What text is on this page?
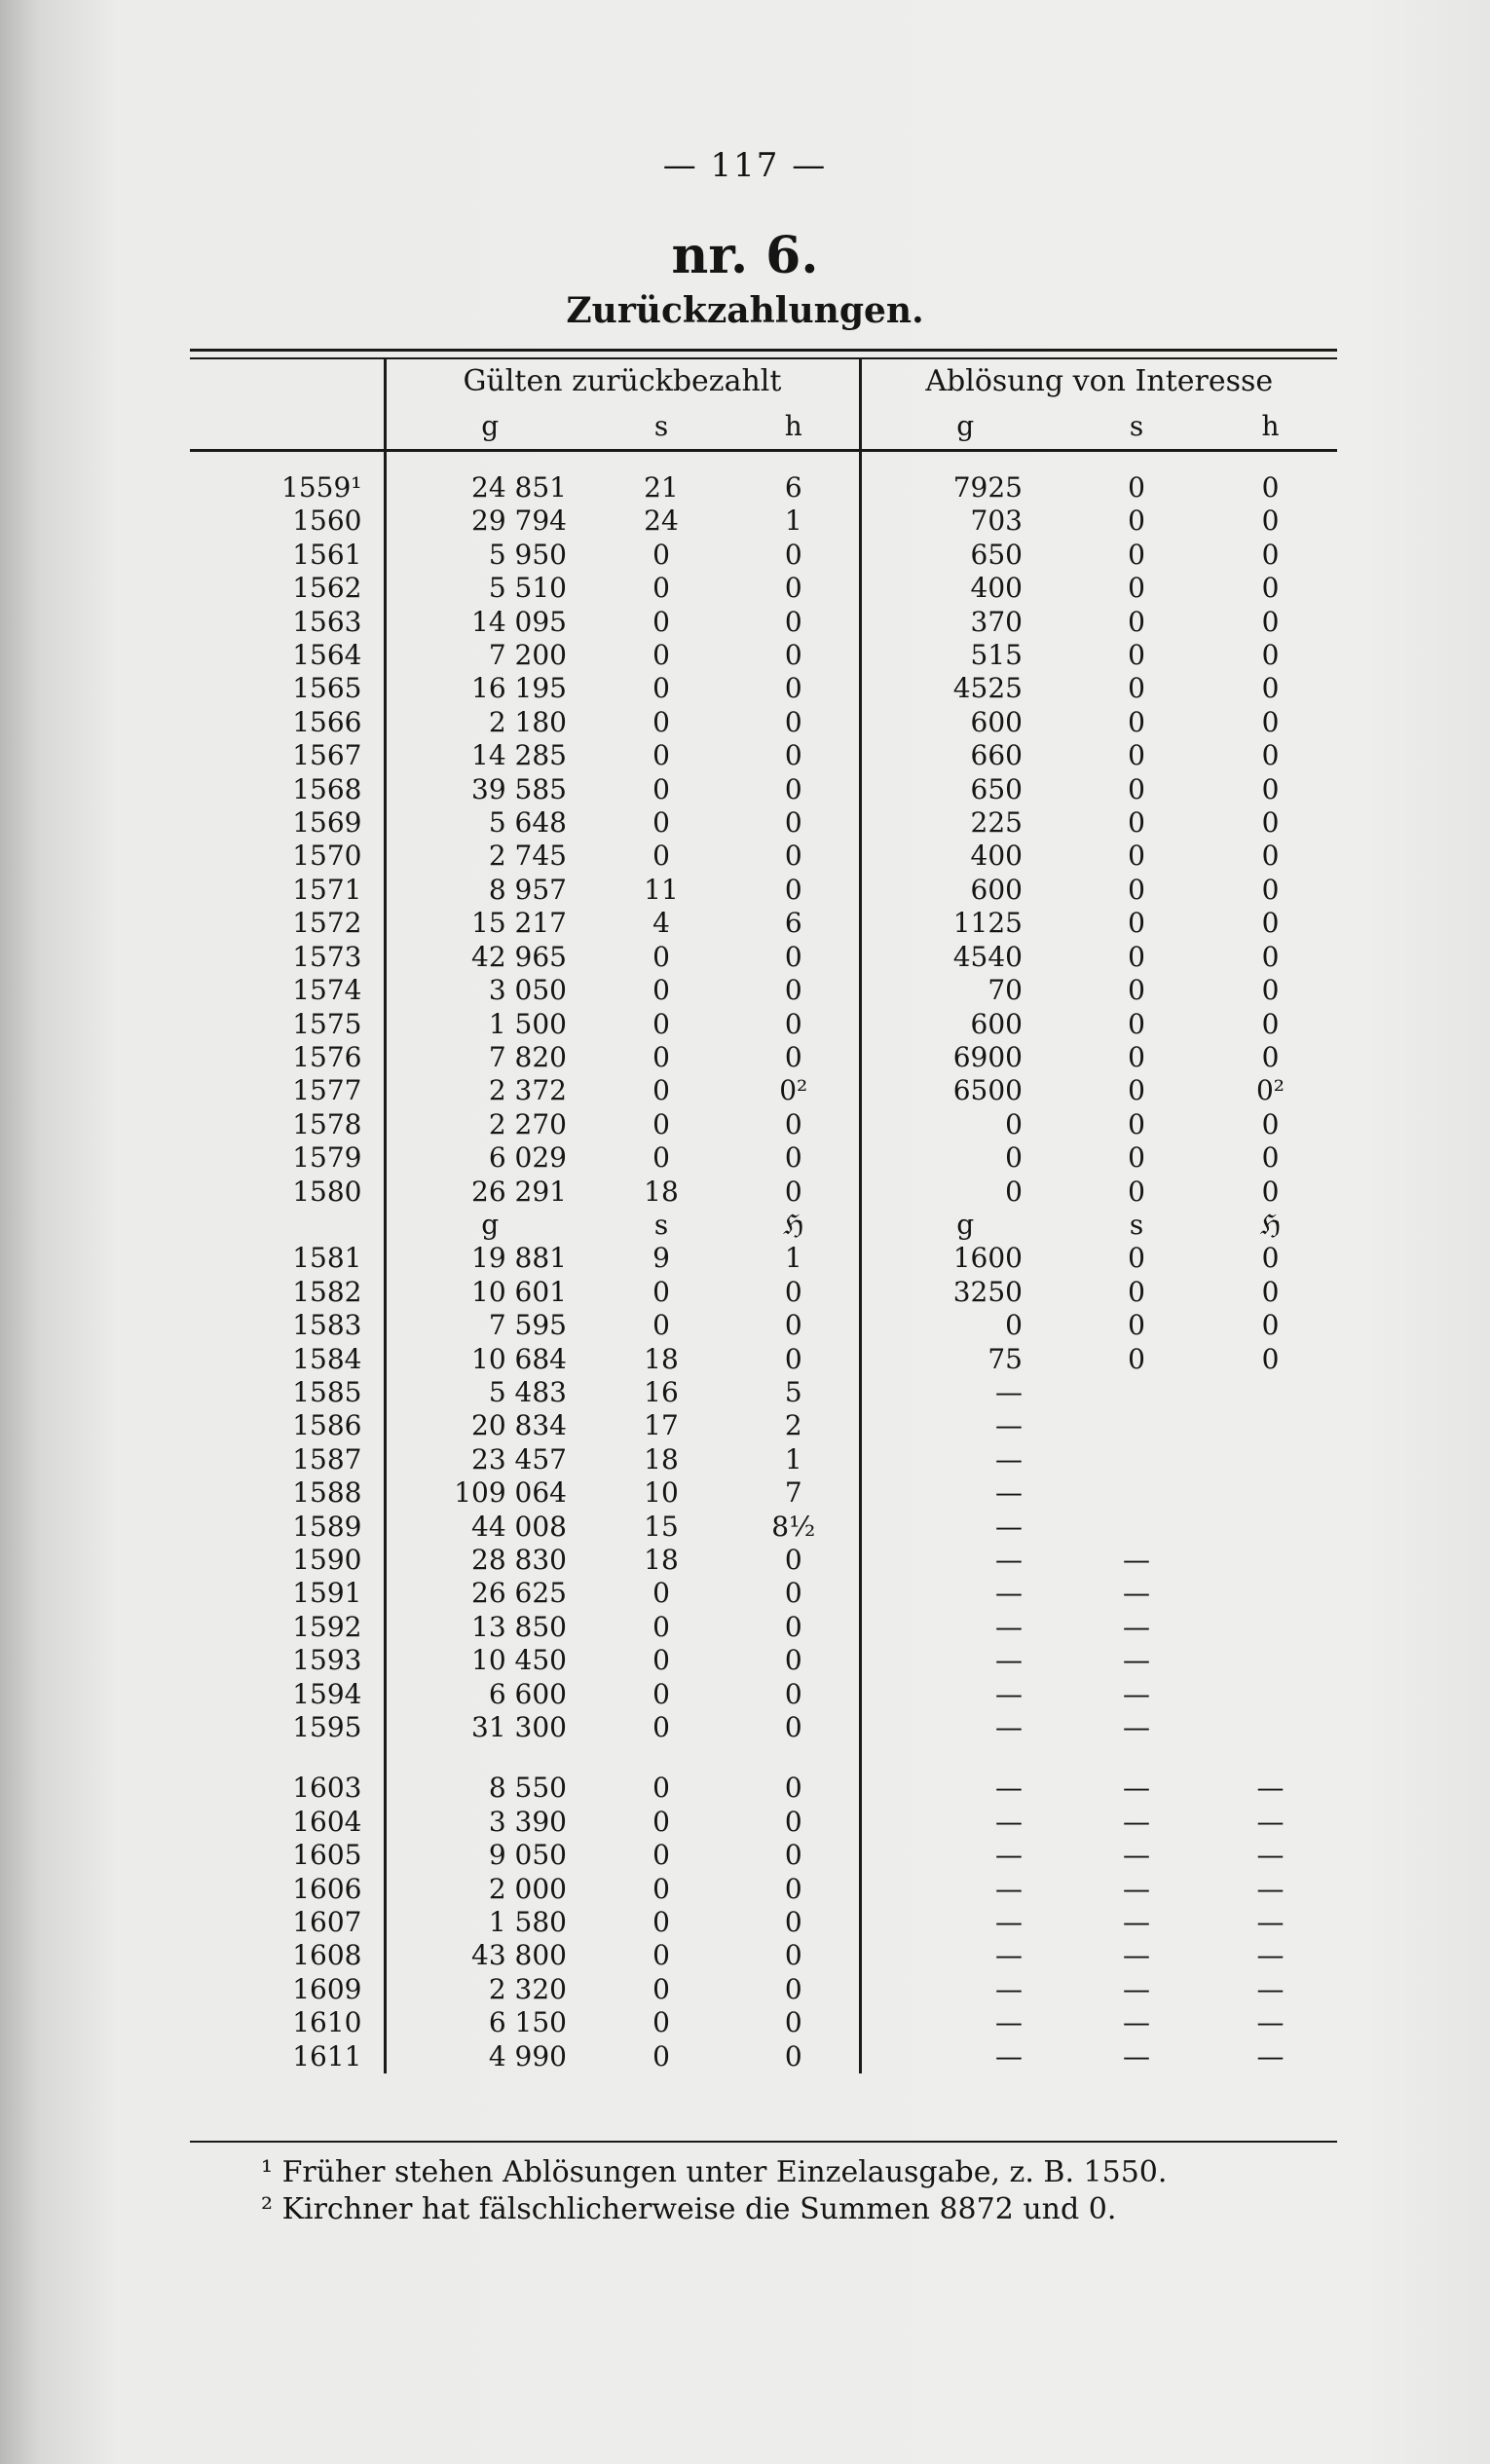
— 117 —
nr. 6.
Zurückzahlungen.
	Gülten zurückbezahlt			Ablösung von Interesse		
	g	s	h	g	s	h

1559¹	24 851	21	6	7925	0	0
1560	29 794	24	1	703	0	0
1561	5 950	0	0	650	0	0
1562	5 510	0	0	400	0	0
1563	14 095	0	0	370	0	0
1564	7 200	0	0	515	0	0
1565	16 195	0	0	4525	0	0
1566	2 180	0	0	600	0	0
1567	14 285	0	0	660	0	0
1568	39 585	0	0	650	0	0
1569	5 648	0	0	225	0	0
1570	2 745	0	0	400	0	0
1571	8 957	11	0	600	0	0
1572	15 217	4	6	1125	0	0
1573	42 965	0	0	4540	0	0
1574	3 050	0	0	70	0	0
1575	1 500	0	0	600	0	0
1576	7 820	0	0	6900	0	0
1577	2 372	0	0²	6500	0	0²
1578	2 270	0	0	0	0	0
1579	6 029	0	0	0	0	0
1580	26 291	18	0	0	0	0
	g	s	ℌ	g	s	ℌ
1581	19 881	9	1	1600	0	0
1582	10 601	0	0	3250	0	0
1583	7 595	0	0	0	0	0
1584	10 684	18	0	75	0	0
1585	5 483	16	5	—		
1586	20 834	17	2	—		
1587	23 457	18	1	—		
1588	109 064	10	7	—		
1589	44 008	15	8½	—		
1590	28 830	18	0	—	—	
1591	26 625	0	0	—	—	
1592	13 850	0	0	—	—	
1593	10 450	0	0	—	—	
1594	6 600	0	0	—	—	
1595	31 300	0	0	—	—	

1603	8 550	0	0	—	—	—
1604	3 390	0	0	—	—	—
1605	9 050	0	0	—	—	—
1606	2 000	0	0	—	—	—
1607	1 580	0	0	—	—	—
1608	43 800	0	0	—	—	—
1609	2 320	0	0	—	—	—
1610	6 150	0	0	—	—	—
1611	4 990	0	0	—	—	—
¹ Früher stehen Ablösungen unter Einzelausgabe, z. B. 1550.
² Kirchner hat fälschlicherweise die Summen 8872 und 0.
